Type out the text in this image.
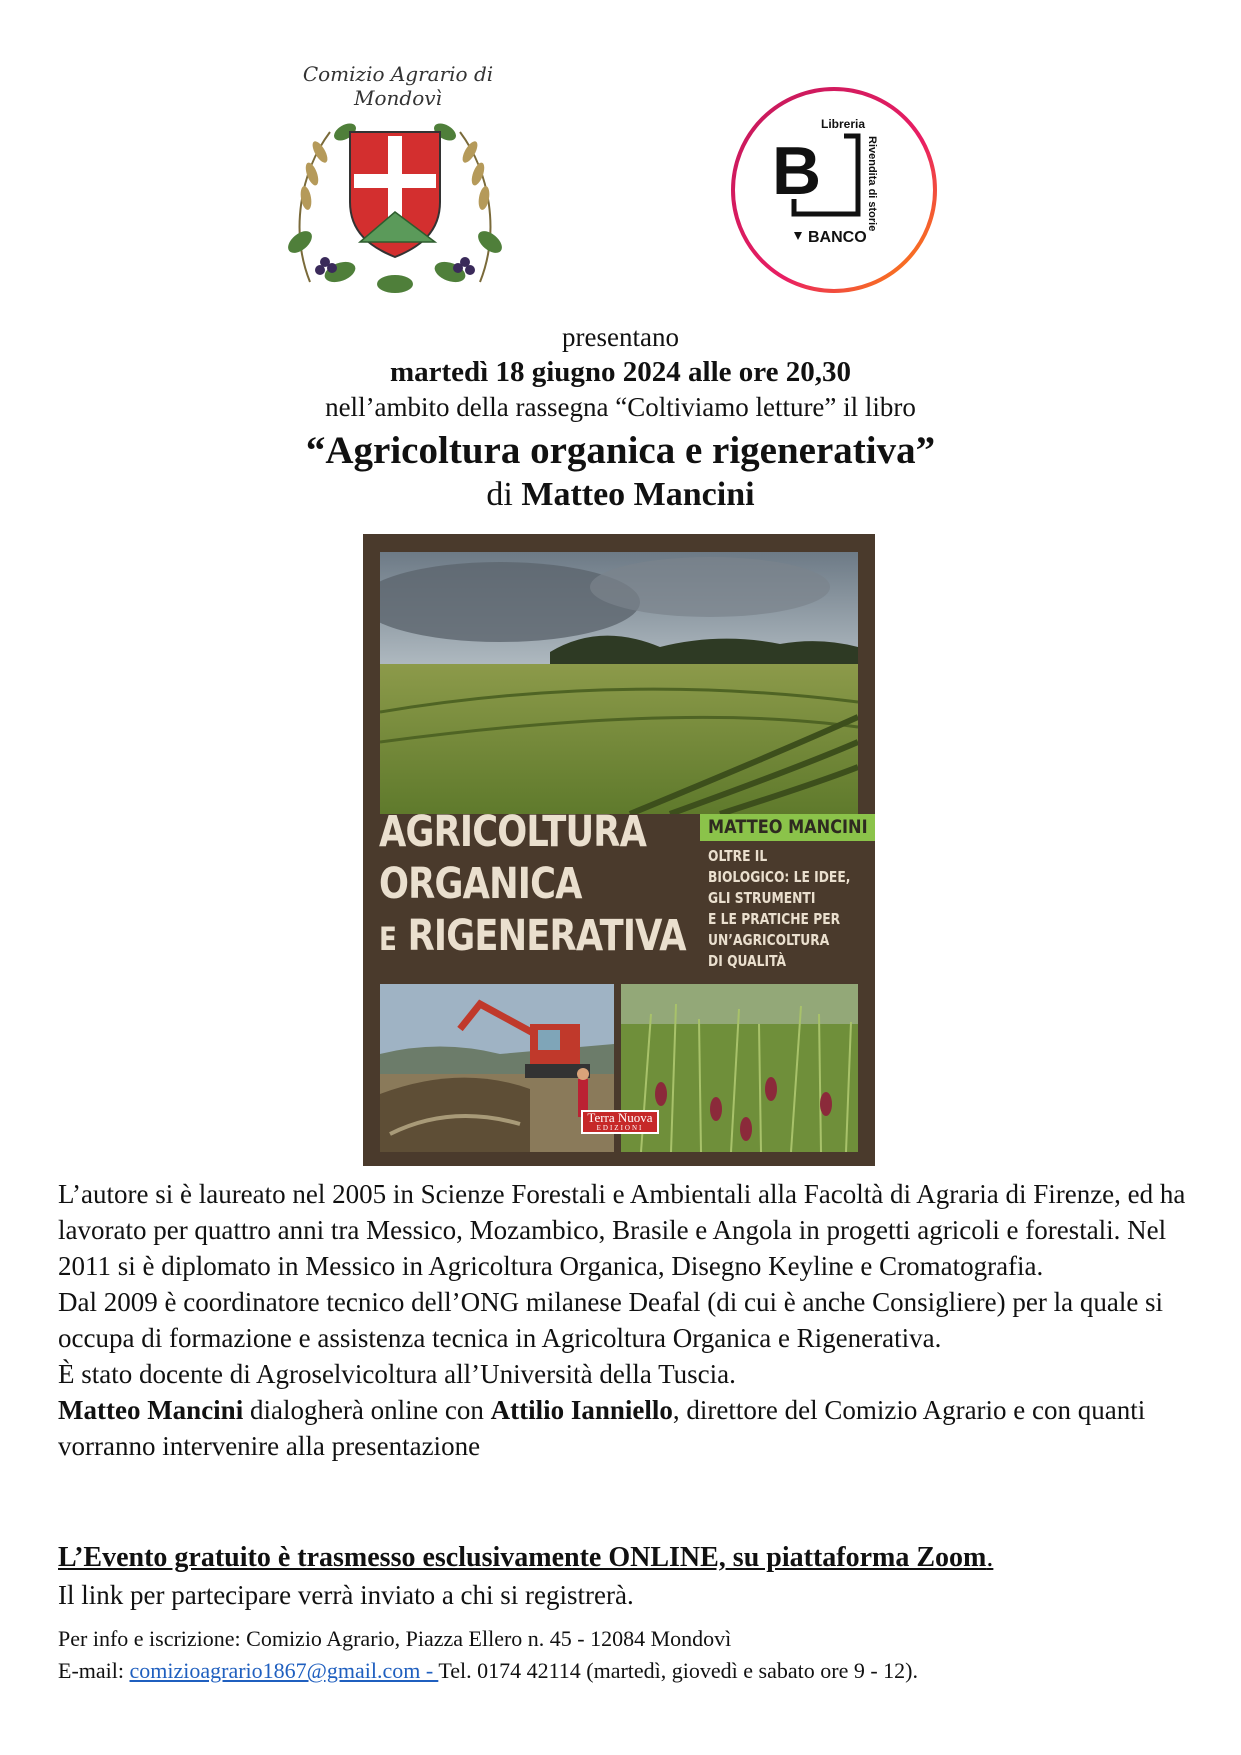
Comizio Agrario di Mondovì
Libreria
B	Rivendita di storie
BANCO
presentano
martedì 18 giugno 2024 alle ore 20,30
nell’ambito della rassegna “Coltiviamo letture” il libro
“Agricoltura organica e rigenerativa”
di Matteo Mancini
AGRICOLTURA
ORGANICA
E RIGENERATIVA
MATTEO MANCINI
OLTRE IL
BIOLOGICO: LE IDEE,
GLI STRUMENTI
E LE PRATICHE PER
UN’AGRICOLTURA
DI QUALITÀ
Terra Nuova
EDIZIONI

L’autore si è laureato nel 2005 in Scienze Forestali e Ambientali alla Facoltà di Agraria di Firenze, ed ha lavorato per quattro anni tra Messico, Mozambico, Brasile e Angola in progetti agricoli e forestali. Nel 2011 si è diplomato in Messico in Agricoltura Organica, Disegno Keyline e Cromatografia.

Dal 2009 è coordinatore tecnico dell’ONG milanese Deafal (di cui è anche Consigliere) per la quale si occupa di formazione e assistenza tecnica in Agricoltura Organica e Rigenerativa.

È stato docente di Agroselvicoltura all’Università della Tuscia.

Matteo Mancini dialogherà online con Attilio Ianniello, direttore del Comizio Agrario e con quanti vorranno intervenire alla presentazione

L’Evento gratuito è trasmesso esclusivamente ONLINE, su piattaforma Zoom.
Il link per partecipare verrà inviato a chi si registrerà.
Per info e iscrizione: Comizio Agrario, Piazza Ellero n. 45 - 12084 Mondovì
E-mail: comizioagrario1867@gmail.com - Tel. 0174 42114 (martedì, giovedì e sabato ore 9 - 12).
